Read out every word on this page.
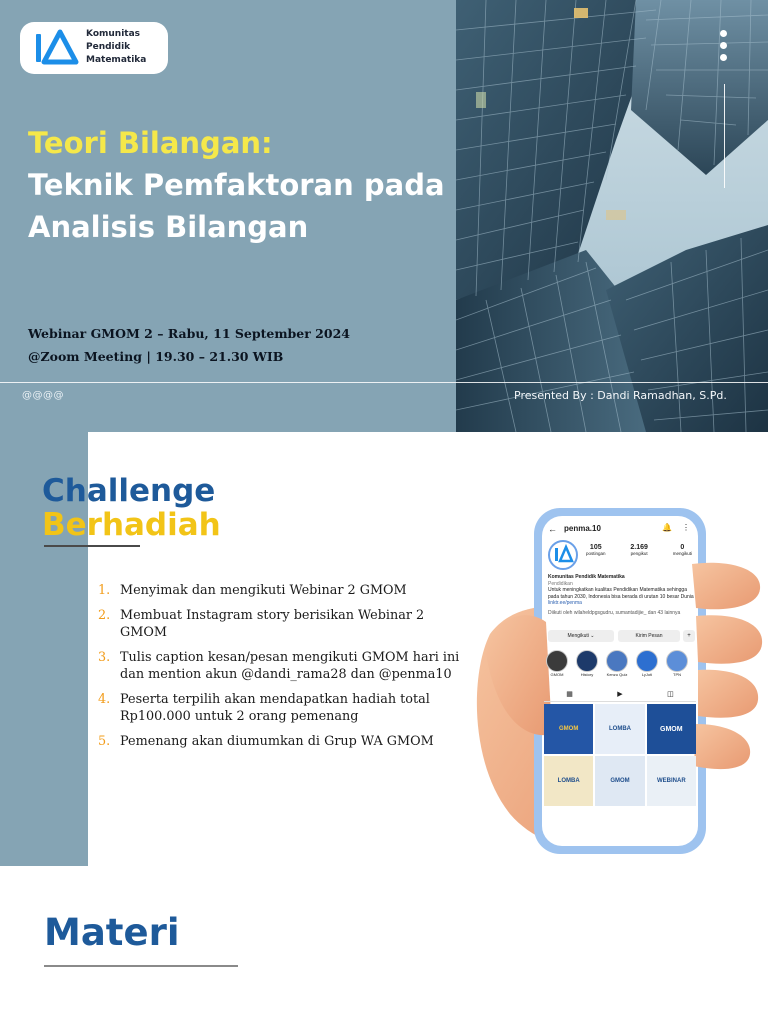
Komunitas
Pendidik
Matematika
Teori Bilangan:
Teknik Pemfaktoran pada
Analisis Bilangan
Webinar GMOM 2 – Rabu, 11 September 2024
@Zoom Meeting | 19.30 – 21.30 WIB
@@@@	Presented By : Dandi Ramadhan, S.Pd.
Challenge
Berhadiah
1. Menyimak dan mengikuti Webinar 2 GMOM
2. Membuat Instagram story berisikan Webinar 2 GMOM
3. Tulis caption kesan/pesan mengikuti GMOM hari ini dan mention akun @dandi_rama28 dan @penma10
4. Peserta terpilih akan mendapatkan hadiah total Rp100.000 untuk 2 orang pemenang
5. Pemenang akan diumumkan di Grup WA GMOM
← penma.10	🔔 ⋮
105
postingan
2.169
pengikut
0
mengikuti
Komunitas Pendidik Matematika
Pendidikan
Untuk meningkatkan kualitas Pendidikan Matematika sehingga pada tahun 2030, Indonesia bisa berada di urutan 10 besar Dunia
linktr.ee/penma
Diikuti oleh wilaheldpgsgudru, sumantadijie_ dan 43 lainnya
Mengikuti ⌄	Kirim Pesan	+
GMOM	History	Kenzu Quiz	LyJoti	TPN
▦	▶	◫
GMOM	LOMBA	GMOM
LOMBA	GMOM	WEBINAR
Materi
